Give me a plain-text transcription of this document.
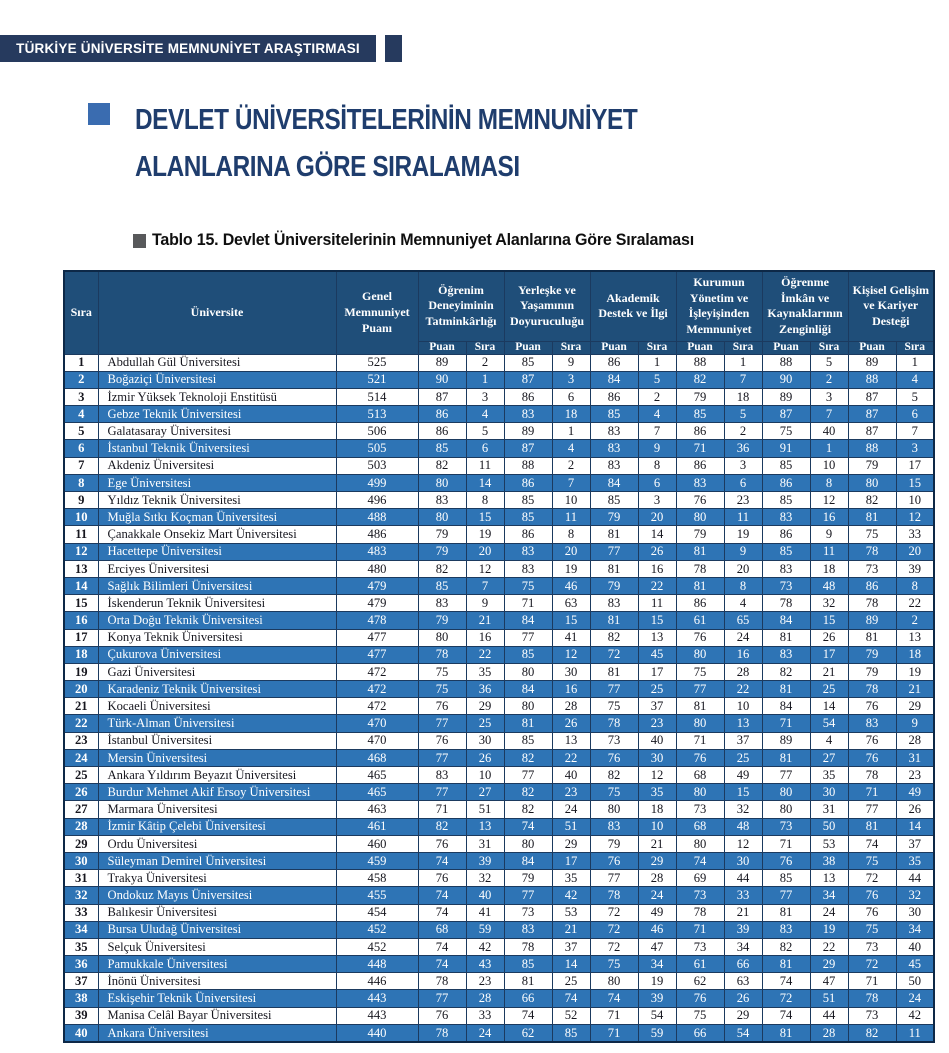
TÜRKİYE ÜNİVERSİTE MEMNUNİYET ARAŞTIRMASI
DEVLET ÜNİVERSİTELERİNİN MEMNUNİYET
ALANLARINA GÖRE SIRALAMASI
Tablo 15. Devlet Üniversitelerinin Memnuniyet Alanlarına Göre Sıralaması
Sıra	Üniversite	Genel Memnuniyet Puanı	Öğrenim Deneyiminin Tatminkârlığı		Yerleşke ve Yaşamının Doyuruculuğu		Akademik Destek ve İlgi		Kurumun Yönetim ve İşleyişinden Memnuniyet		Öğrenme İmkân ve Kaynaklarının Zenginliği		Kişisel Gelişim ve Kariyer Desteği	
			Puan	Sıra	Puan	Sıra	Puan	Sıra	Puan	Sıra	Puan	Sıra	Puan	Sıra
1	Abdullah Gül Üniversitesi	525	89	2	85	9	86	1	88	1	88	5	89	1
2	Boğaziçi Üniversitesi	521	90	1	87	3	84	5	82	7	90	2	88	4
3	İzmir Yüksek Teknoloji Enstitüsü	514	87	3	86	6	86	2	79	18	89	3	87	5
4	Gebze Teknik Üniversitesi	513	86	4	83	18	85	4	85	5	87	7	87	6
5	Galatasaray Üniversitesi	506	86	5	89	1	83	7	86	2	75	40	87	7
6	İstanbul Teknik Üniversitesi	505	85	6	87	4	83	9	71	36	91	1	88	3
7	Akdeniz Üniversitesi	503	82	11	88	2	83	8	86	3	85	10	79	17
8	Ege Üniversitesi	499	80	14	86	7	84	6	83	6	86	8	80	15
9	Yıldız Teknik Üniversitesi	496	83	8	85	10	85	3	76	23	85	12	82	10
10	Muğla Sıtkı Koçman Üniversitesi	488	80	15	85	11	79	20	80	11	83	16	81	12
11	Çanakkale Onsekiz Mart Üniversitesi	486	79	19	86	8	81	14	79	19	86	9	75	33
12	Hacettepe Üniversitesi	483	79	20	83	20	77	26	81	9	85	11	78	20
13	Erciyes Üniversitesi	480	82	12	83	19	81	16	78	20	83	18	73	39
14	Sağlık Bilimleri Üniversitesi	479	85	7	75	46	79	22	81	8	73	48	86	8
15	İskenderun Teknik Üniversitesi	479	83	9	71	63	83	11	86	4	78	32	78	22
16	Orta Doğu Teknik Üniversitesi	478	79	21	84	15	81	15	61	65	84	15	89	2
17	Konya Teknik Üniversitesi	477	80	16	77	41	82	13	76	24	81	26	81	13
18	Çukurova Üniversitesi	477	78	22	85	12	72	45	80	16	83	17	79	18
19	Gazi Üniversitesi	472	75	35	80	30	81	17	75	28	82	21	79	19
20	Karadeniz Teknik Üniversitesi	472	75	36	84	16	77	25	77	22	81	25	78	21
21	Kocaeli Üniversitesi	472	76	29	80	28	75	37	81	10	84	14	76	29
22	Türk-Alman Üniversitesi	470	77	25	81	26	78	23	80	13	71	54	83	9
23	İstanbul Üniversitesi	470	76	30	85	13	73	40	71	37	89	4	76	28
24	Mersin Üniversitesi	468	77	26	82	22	76	30	76	25	81	27	76	31
25	Ankara Yıldırım Beyazıt Üniversitesi	465	83	10	77	40	82	12	68	49	77	35	78	23
26	Burdur Mehmet Akif Ersoy Üniversitesi	465	77	27	82	23	75	35	80	15	80	30	71	49
27	Marmara Üniversitesi	463	71	51	82	24	80	18	73	32	80	31	77	26
28	İzmir Kâtip Çelebi Üniversitesi	461	82	13	74	51	83	10	68	48	73	50	81	14
29	Ordu Üniversitesi	460	76	31	80	29	79	21	80	12	71	53	74	37
30	Süleyman Demirel Üniversitesi	459	74	39	84	17	76	29	74	30	76	38	75	35
31	Trakya Üniversitesi	458	76	32	79	35	77	28	69	44	85	13	72	44
32	Ondokuz Mayıs Üniversitesi	455	74	40	77	42	78	24	73	33	77	34	76	32
33	Balıkesir Üniversitesi	454	74	41	73	53	72	49	78	21	81	24	76	30
34	Bursa Uludağ Üniversitesi	452	68	59	83	21	72	46	71	39	83	19	75	34
35	Selçuk Üniversitesi	452	74	42	78	37	72	47	73	34	82	22	73	40
36	Pamukkale Üniversitesi	448	74	43	85	14	75	34	61	66	81	29	72	45
37	İnönü Üniversitesi	446	78	23	81	25	80	19	62	63	74	47	71	50
38	Eskişehir Teknik Üniversitesi	443	77	28	66	74	74	39	76	26	72	51	78	24
39	Manisa Celâl Bayar Üniversitesi	443	76	33	74	52	71	54	75	29	74	44	73	42
40	Ankara Üniversitesi	440	78	24	62	85	71	59	66	54	81	28	82	11
